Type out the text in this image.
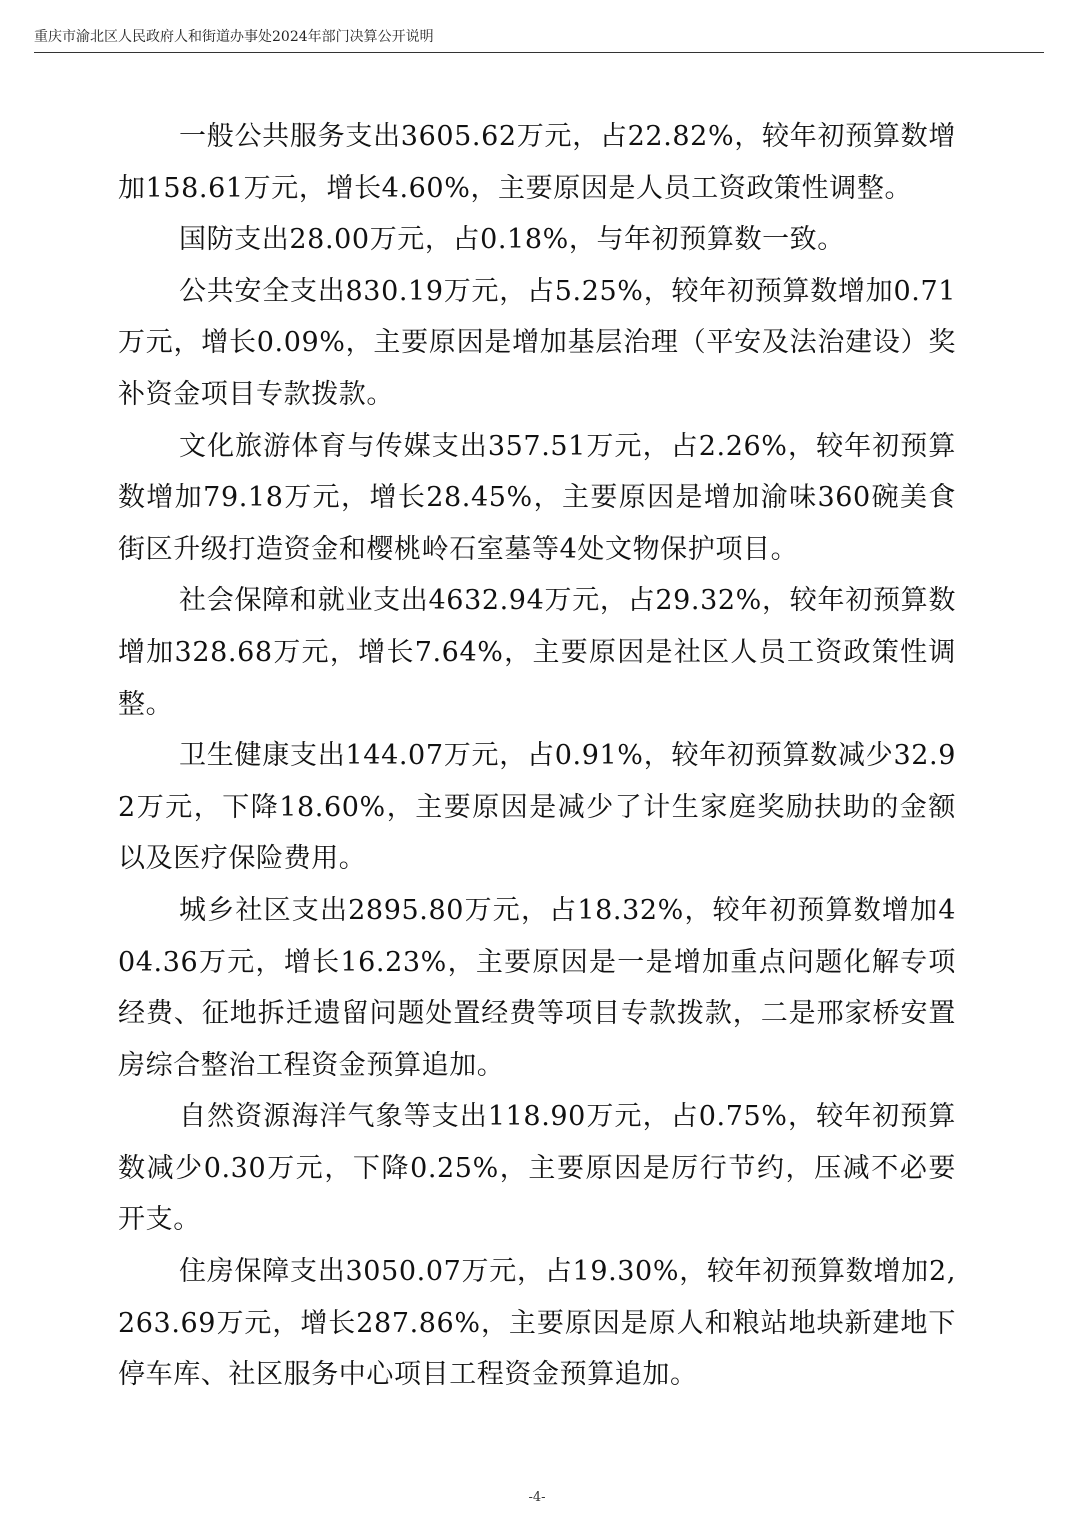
重庆市渝北区人民政府人和街道办事处2024年部门决算公开说明

一般公共服务支出3605.62万元，占22.82%，较年初预算数增加158.61万元，增长4.60%，主要原因是人员工资政策性调整。

国防支出28.00万元，占0.18%，与年初预算数一致。

公共安全支出830.19万元，占5.25%，较年初预算数增加0.71万元，增长0.09%，主要原因是增加基层治理（平安及法治建设）奖补资金项目专款拨款。

文化旅游体育与传媒支出357.51万元，占2.26%，较年初预算数增加79.18万元，增长28.45%，主要原因是增加渝味360碗美食街区升级打造资金和樱桃岭石室墓等4处文物保护项目。

社会保障和就业支出4632.94万元，占29.32%，较年初预算数增加328.68万元，增长7.64%，主要原因是社区人员工资政策性调整。

卫生健康支出144.07万元，占0.91%，较年初预算数减少32.92万元，下降18.60%，主要原因是减少了计生家庭奖励扶助的金额以及医疗保险费用。

城乡社区支出2895.80万元，占18.32%，较年初预算数增加404.36万元，增长16.23%，主要原因是一是增加重点问题化解专项经费、征地拆迁遗留问题处置经费等项目专款拨款，二是邢家桥安置房综合整治工程资金预算追加。

自然资源海洋气象等支出118.90万元，占0.75%，较年初预算数减少0.30万元，下降0.25%，主要原因是厉行节约，压减不必要开支。

住房保障支出3050.07万元，占19.30%，较年初预算数增加2,263.69万元，增长287.86%，主要原因是原人和粮站地块新建地下停车库、社区服务中心项目工程资金预算追加。

-4-
